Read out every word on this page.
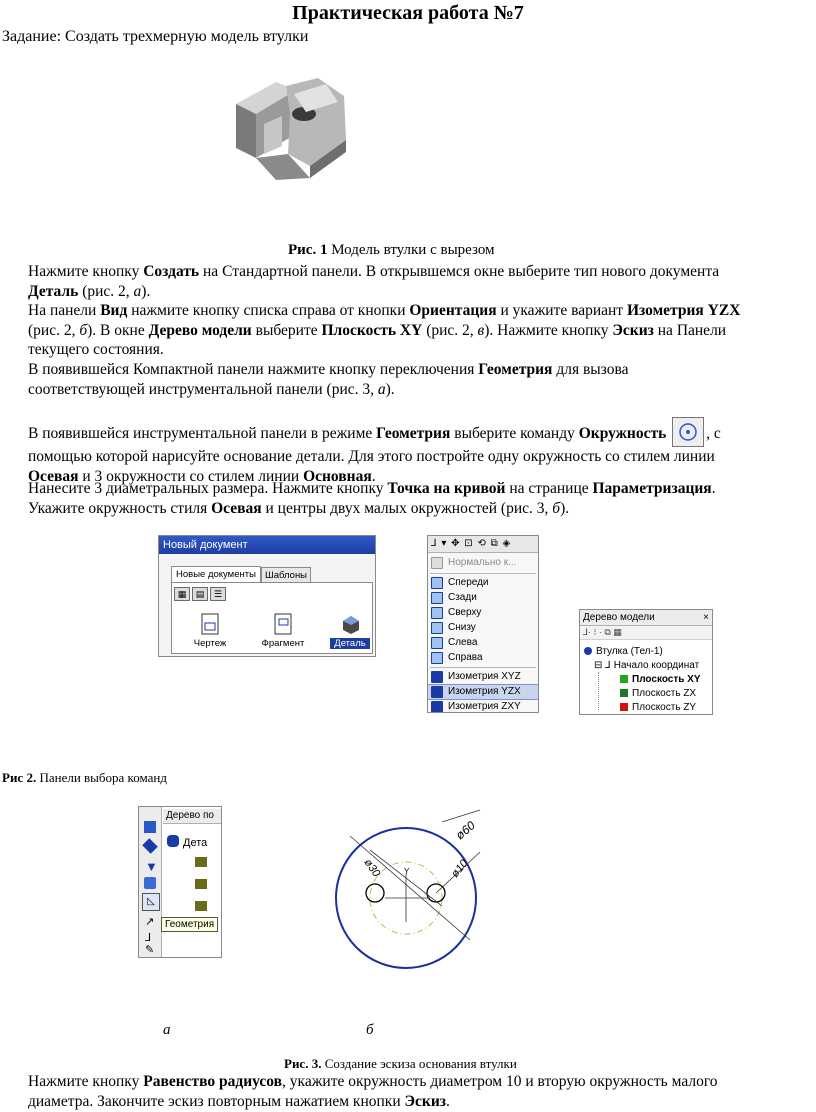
Практическая работа №7
Задание: Создать трехмерную модель втулки
Рис. 1 Модель втулки с вырезом
Нажмите кнопку Создать на Стандартной панели. В открывшемся окне выберите тип нового документа
Деталь (рис. 2, а).
На панели Вид нажмите кнопку списка справа от кнопки Ориентация и укажите вариант Изометрия YZX
(рис. 2, б). В окне Дерево модели выберите Плоскость XY (рис. 2, в). Нажмите кнопку Эскиз на Панели
текущего состояния.
В появившейся Компактной панели нажмите кнопку переключения Геометрия для вызова
соответствующей инструментальной панели (рис. 3, а).
В появившейся инструментальной панели в режиме Геометрия выберите команду Окружность	, с
помощью которой нарисуйте основание детали. Для этого постройте одну окружность со стилем линии
Осевая и 3 окружности со стилем линии Основная.
Нанесите 3 диаметральных размера. Нажмите кнопку Точка на кривой на странице Параметризация.
Укажите окружность стиля Осевая и центры двух малых окружностей (рис. 3, б).
Новый документ
Новые документы Шаблоны
▦	▤	☰
Чертеж	Фрагмент	Деталь
⅃ ▾ ✥ ⊡ ⟲ ⧉ ◈
Нормально к...
Спереди
Сзади
Сверху
Снизу
Слева
Справа
Изометрия XYZ
Изометрия YZX
Изометрия ZXY
Дерево модели	×
⅃· ⁝ · ⧉ ▦
Втулка (Тел-1)
⊟ ⅃ Начало координат
Плоскость XY
Плоскость ZX
Плоскость ZY
Рис 2. Панели выбора команд
▼
◺
↗
⅃
✎
Дерево по
Дета
Геометрия
Y
ø60
ø30	ø10
а	б
Рис. 3. Создание эскиза основания втулки
Нажмите кнопку Равенство радиусов, укажите окружность диаметром 10 и вторую окружность малого
диаметра. Закончите эскиз повторным нажатием кнопки Эскиз.
